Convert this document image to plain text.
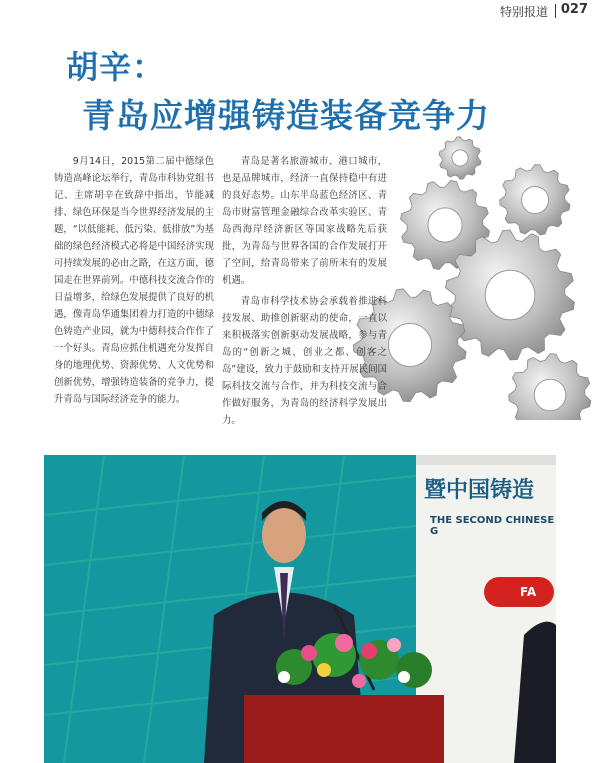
特别报道 027
胡辛：
青岛应增强铸造装备竞争力

9月14日，2015第二届中德绿色铸造高峰论坛举行，青岛市科协党组书记、主席胡辛在致辞中指出，节能减排、绿色环保是当今世界经济发展的主题，“以低能耗、低污染、低排放”为基础的绿色经济模式必将是中国经济实现可持续发展的必由之路，在这方面，德国走在世界前列。中德科技交流合作的日益增多，给绿色发展提供了良好的机遇，像青岛华通集团着力打造的中德绿色铸造产业园，就为中德科技合作作了一个好头。青岛应抓住机遇充分发挥自身的地理优势、资源优势、人文优势和创新优势，增强铸造装备的竞争力，提升青岛与国际经济竞争的能力。

青岛是著名旅游城市、港口城市，也是品牌城市，经济一直保持稳中有进的良好态势。山东半岛蓝色经济区、青岛市财富管理金融综合改革实验区、青岛西海岸经济新区等国家战略先后获批，为青岛与世界各国的合作发展打开了空间，给青岛带来了前所未有的发展机遇。

青岛市科学技术协会承载着推进科技发展、助推创新驱动的使命，一直以来积极落实创新驱动发展战略，参与青岛的“创新之城、创业之都、创客之岛”建设，致力于鼓励和支持开展民间国际科技交流与合作，并为科技交流与合作做好服务，为青岛的经济科学发展出力。

暨中国铸造
THE SECOND CHINESE G
FA
